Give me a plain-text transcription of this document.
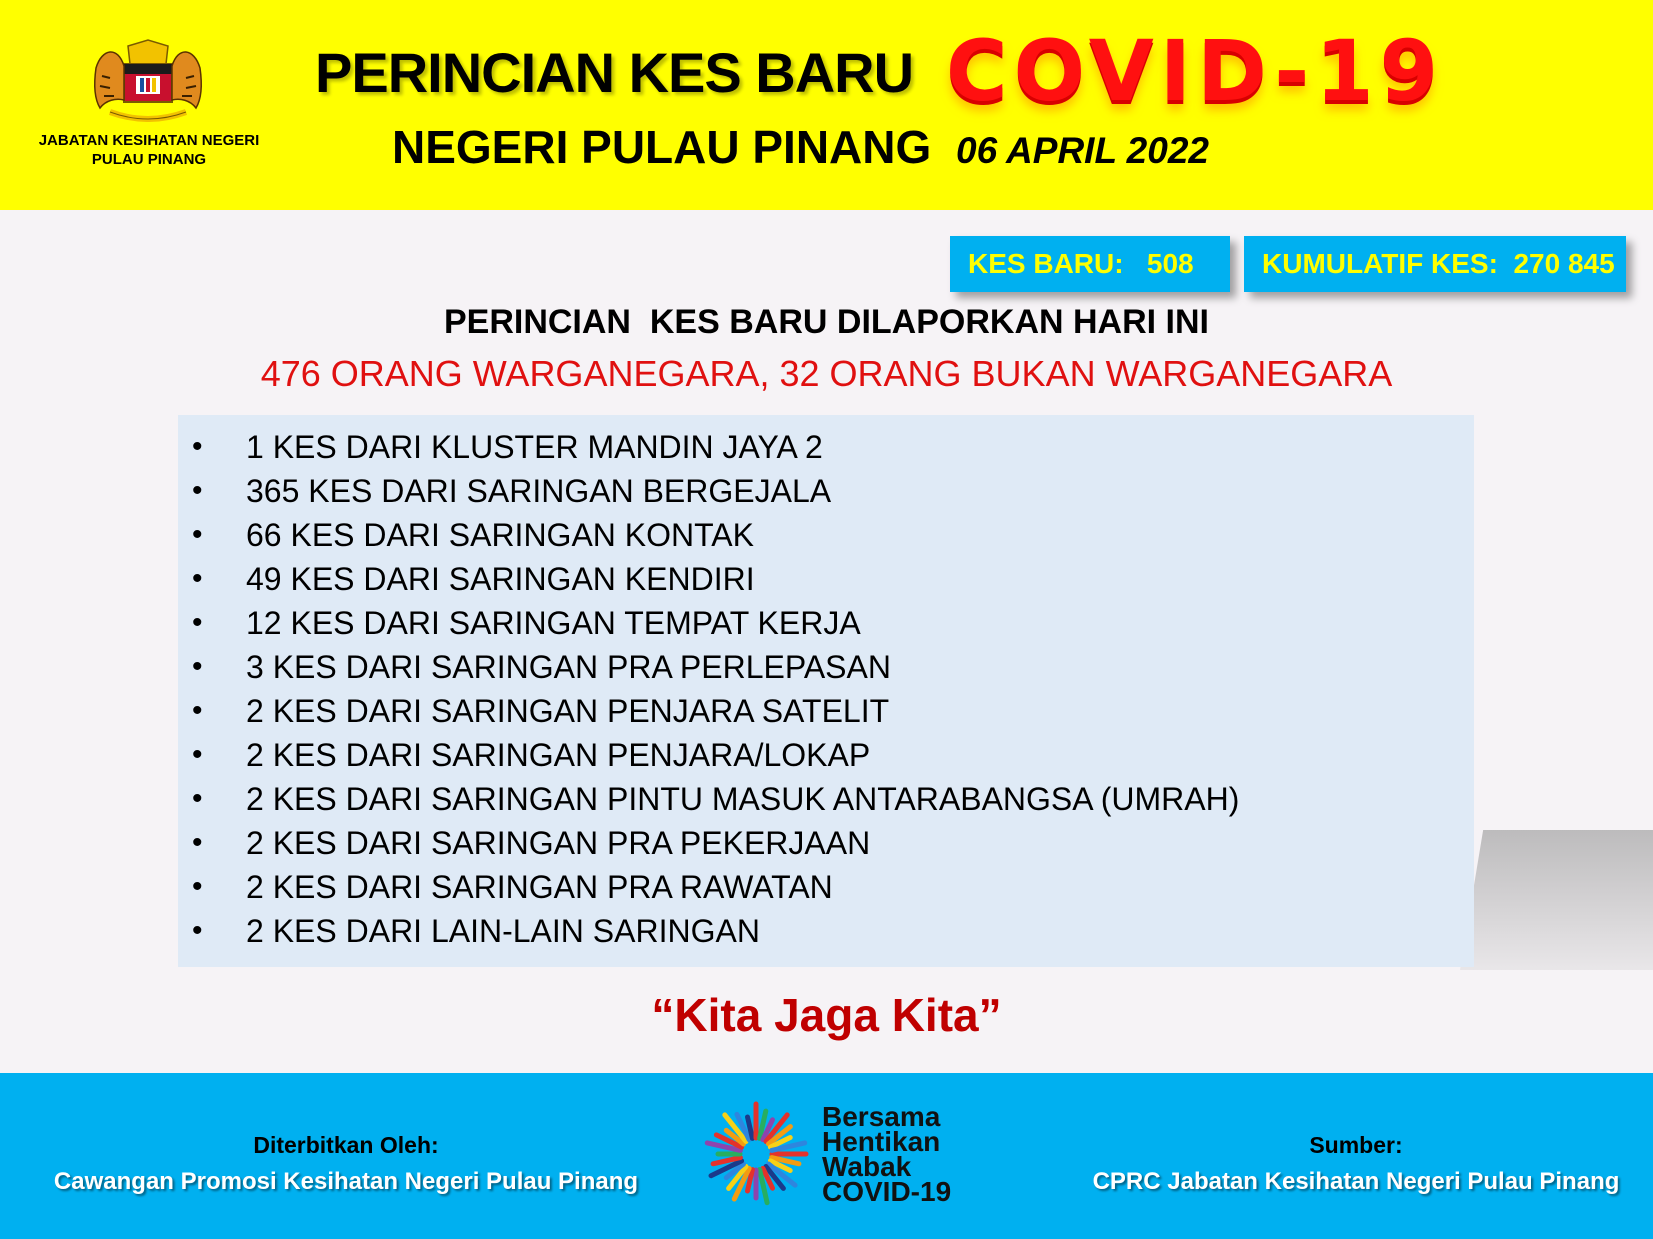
JABATAN KESIHATAN NEGERI
PULAU PINANG
PERINCIAN KES BARU COVID-19
NEGERI PULAU PINANG 06 APRIL 2022
KES BARU:   508	KUMULATIF KES:  270 845
PERINCIAN  KES BARU DILAPORKAN HARI INI
476 ORANG WARGANEGARA, 32 ORANG BUKAN WARGANEGARA
• 1 KES DARI KLUSTER MANDIN JAYA 2
• 365 KES DARI SARINGAN BERGEJALA
• 66 KES DARI SARINGAN KONTAK
• 49 KES DARI SARINGAN KENDIRI
• 12 KES DARI SARINGAN TEMPAT KERJA
• 3 KES DARI SARINGAN PRA PERLEPASAN
• 2 KES DARI SARINGAN PENJARA SATELIT
• 2 KES DARI SARINGAN PENJARA/LOKAP
• 2 KES DARI SARINGAN PINTU MASUK ANTARABANGSA (UMRAH)
• 2 KES DARI SARINGAN PRA PEKERJAAN
• 2 KES DARI SARINGAN PRA RAWATAN
• 2 KES DARI LAIN-LAIN SARINGAN
“Kita Jaga Kita”
Diterbitkan Oleh:
Cawangan Promosi Kesihatan Negeri Pulau Pinang
Sumber:
CPRC Jabatan Kesihatan Negeri Pulau Pinang
Bersama
Hentikan
Wabak
COVID-19
